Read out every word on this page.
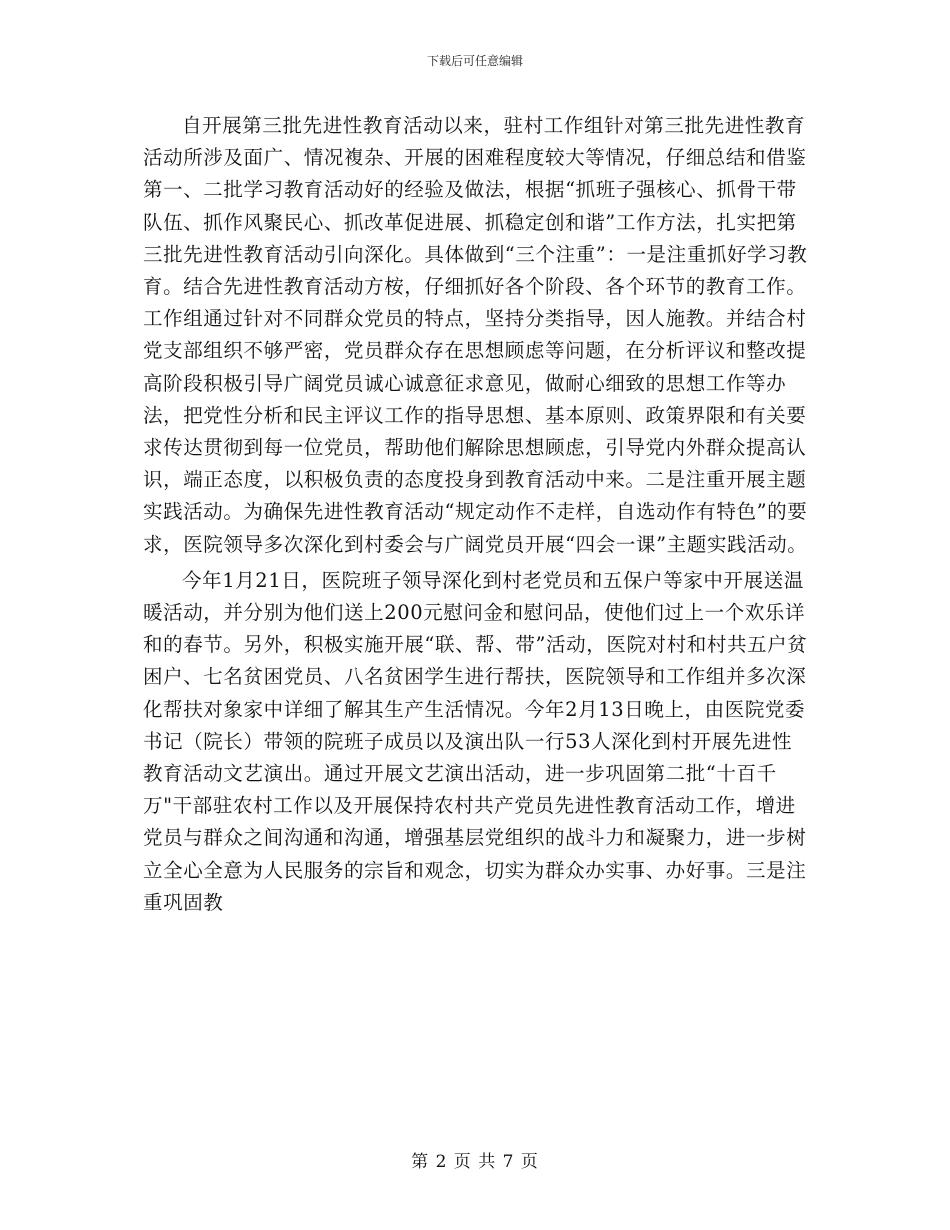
下载后可任意编辑

自开展第三批先进性教育活动以来，驻村工作组针对第三批先进性教育活动所涉及面广、情况複杂、开展的困难程度较大等情况，仔细总结和借鉴第一、二批学习教育活动好的经验及做法，根据“抓班子强核心、抓骨干带队伍、抓作风聚民心、抓改革促进展、抓稳定创和谐”工作方法，扎实把第三批先进性教育活动引向深化。具体做到“三个注重”：一是注重抓好学习教育。结合先进性教育活动方桉，仔细抓好各个阶段、各个环节的教育工作。工作组通过针对不同群众党员的特点，坚持分类指导，因人施教。并结合村党支部组织不够严密，党员群众存在思想顾虑等问题，在分析评议和整改提高阶段积极引导广阔党员诚心诚意征求意见，做耐心细致的思想工作等办法，把党性分析和民主评议工作的指导思想、基本原则、政策界限和有关要求传达贯彻到每一位党员，帮助他们解除思想顾虑，引导党内外群众提高认识，端正态度，以积极负责的态度投身到教育活动中来。二是注重开展主题实践活动。为确保先进性教育活动“规定动作不走样，自选动作有特色”的要求，医院领导多次深化到村委会与广阔党员开展“四会一课”主题实践活动。

今年1月21日，医院班子领导深化到村老党员和五保户等家中开展送温暖活动，并分别为他们送上200元慰问金和慰问品，使他们过上一个欢乐详和的春节。另外，积极实施开展“联、帮、带”活动，医院对村和村共五户贫困户、七名贫困党员、八名贫困学生进行帮扶，医院领导和工作组并多次深化帮扶对象家中详细了解其生产生活情况。今年2月13日晚上，由医院党委书记（院长）带领的院班子成员以及演出队一行53人深化到村开展先进性教育活动文艺演出。通过开展文艺演出活动，进一步巩固第二批“十百千万"干部驻农村工作以及开展保持农村共产党员先进性教育活动工作，增进党员与群众之间沟通和沟通，增强基层党组织的战斗力和凝聚力，进一步树立全心全意为人民服务的宗旨和观念，切实为群众办实事、办好事。三是注重巩固教

第 2 页 共 7 页
